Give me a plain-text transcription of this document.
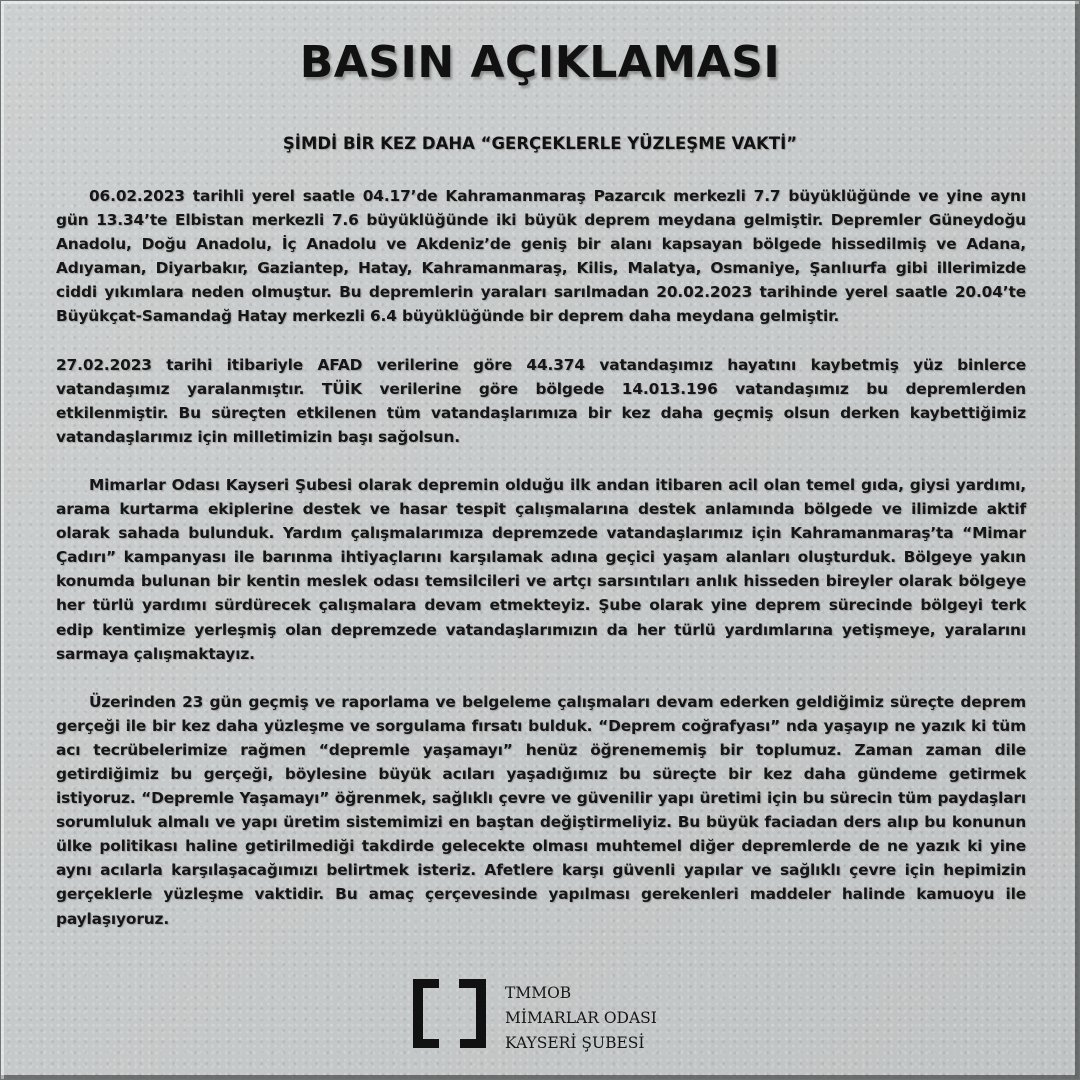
BASIN AÇIKLAMASI
ŞİMDİ BİR KEZ DAHA “GERÇEKLERLE YÜZLEŞME VAKTİ”

06.02.2023 tarihli yerel saatle 04.17’de Kahramanmaraş Pazarcık merkezli 7.7 büyüklüğünde ve yine aynı gün 13.34’te Elbistan merkezli 7.6 büyüklüğünde iki büyük deprem meydana gelmiştir. Depremler Güneydoğu Anadolu, Doğu Anadolu, İç Anadolu ve Akdeniz’de geniş bir alanı kapsayan bölgede hissedilmiş ve Adana, Adıyaman, Diyarbakır, Gaziantep, Hatay, Kahramanmaraş, Kilis, Malatya, Osmaniye, Şanlıurfa gibi illerimizde ciddi yıkımlara neden olmuştur. Bu depremlerin yaraları sarılmadan 20.02.2023 tarihinde yerel saatle 20.04’te Büyükçat-Samandağ Hatay merkezli 6.4 büyüklüğünde bir deprem daha meydana gelmiştir.

27.02.2023 tarihi itibariyle AFAD verilerine göre 44.374 vatandaşımız hayatını kaybetmiş yüz binlerce vatandaşımız yaralanmıştır. TÜİK verilerine göre bölgede 14.013.196 vatandaşımız bu depremlerden etkilenmiştir. Bu süreçten etkilenen tüm vatandaşlarımıza bir kez daha geçmiş olsun derken kaybettiğimiz vatandaşlarımız için milletimizin başı sağolsun.

Mimarlar Odası Kayseri Şubesi olarak depremin olduğu ilk andan itibaren acil olan temel gıda, giysi yardımı, arama kurtarma ekiplerine destek ve hasar tespit çalışmalarına destek anlamında bölgede ve ilimizde aktif olarak sahada bulunduk. Yardım çalışmalarımıza depremzede vatandaşlarımız için Kahramanmaraş’ta “Mimar Çadırı” kampanyası ile barınma ihtiyaçlarını karşılamak adına geçici yaşam alanları oluşturduk. Bölgeye yakın konumda bulunan bir kentin meslek odası temsilcileri ve artçı sarsıntıları anlık hisseden bireyler olarak bölgeye her türlü yardımı sürdürecek çalışmalara devam etmekteyiz. Şube olarak yine deprem sürecinde bölgeyi terk edip kentimize yerleşmiş olan depremzede vatandaşlarımızın da her türlü yardımlarına yetişmeye, yaralarını sarmaya çalışmaktayız.

Üzerinden 23 gün geçmiş ve raporlama ve belgeleme çalışmaları devam ederken geldiğimiz süreçte deprem gerçeği ile bir kez daha yüzleşme ve sorgulama fırsatı bulduk. “Deprem coğrafyası” nda yaşayıp ne yazık ki tüm acı tecrübelerimize rağmen “depremle yaşamayı” henüz öğrenememiş bir toplumuz. Zaman zaman dile getirdiğimiz bu gerçeği, böylesine büyük acıları yaşadığımız bu süreçte bir kez daha gündeme getirmek istiyoruz. “Depremle Yaşamayı” öğrenmek, sağlıklı çevre ve güvenilir yapı üretimi için bu sürecin tüm paydaşları sorumluluk almalı ve yapı üretim sistemimizi en baştan değiştirmeliyiz. Bu büyük faciadan ders alıp bu konunun ülke politikası haline getirilmediği takdirde gelecekte olması muhtemel diğer depremlerde de ne yazık ki yine aynı acılarla karşılaşacağımızı belirtmek isteriz. Afetlere karşı güvenli yapılar ve sağlıklı çevre için hepimizin gerçeklerle yüzleşme vaktidir. Bu amaç çerçevesinde yapılması gerekenleri maddeler halinde kamuoyu ile paylaşıyoruz.

TMMOB
MİMARLAR ODASI
KAYSERİ ŞUBESİ
